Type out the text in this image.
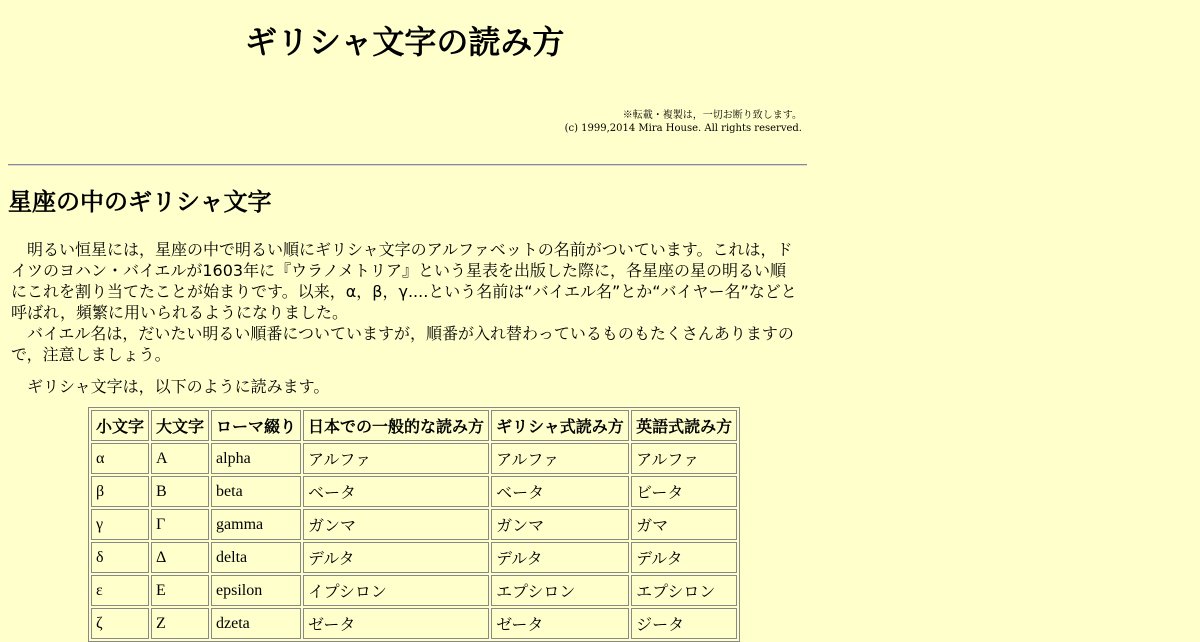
ギリシャ文字の読み方
※転載・複製は，一切お断り致します。
(c) 1999,2014 Mira House. All rights reserved.
星座の中のギリシャ文字

明るい恒星には，星座の中で明るい順にギリシャ文字のアルファベットの名前がついています。これは，ドイツのヨハン・バイエルが1603年に『ウラノメトリア』という星表を出版した際に，各星座の星の明るい順にこれを割り当てたことが始まりです。以来，α，β，γ....という名前は“バイエル名”とか“バイヤー名”などと呼ばれ，頻繁に用いられるようになりました。

バイエル名は，だいたい明るい順番についていますが，順番が入れ替わっているものもたくさんありますので，注意しましょう。

ギリシャ文字は，以下のように読みます。

小文字	大文字	ローマ綴り	日本での一般的な読み方	ギリシャ式読み方	英語式読み方
α	Α	alpha	アルファ	アルファ	アルファ
β	Β	beta	ベータ	ベータ	ビータ
γ	Γ	gamma	ガンマ	ガンマ	ガマ
δ	Δ	delta	デルタ	デルタ	デルタ
ε	Ε	epsilon	イプシロン	エプシロン	エプシロン
ζ	Ζ	dzeta	ゼータ	ゼータ	ジータ
